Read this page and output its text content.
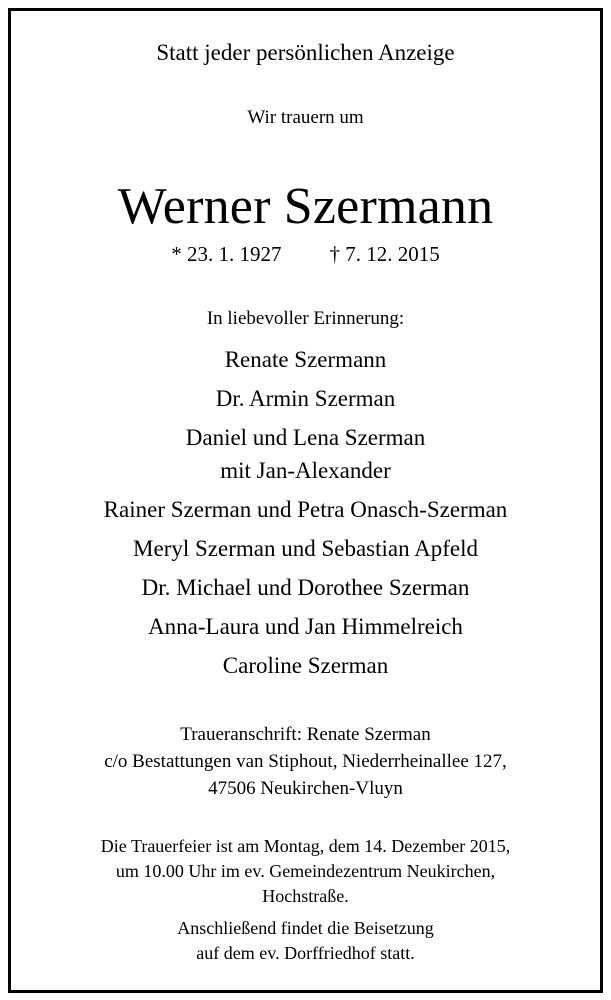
Statt jeder persönlichen Anzeige
Wir trauern um
Werner Szermann
* 23. 1. 1927 † 7. 12. 2015
In liebevoller Erinnerung:
Renate Szermann
Dr. Armin Szerman
Daniel und Lena Szerman
mit Jan-Alexander
Rainer Szerman und Petra Onasch-Szerman
Meryl Szerman und Sebastian Apfeld
Dr. Michael und Dorothee Szerman
Anna-Laura und Jan Himmelreich
Caroline Szerman
Traueranschrift: Renate Szerman
c/o Bestattungen van Stiphout, Niederrheinallee 127,
47506 Neukirchen-Vluyn
Die Trauerfeier ist am Montag, dem 14. Dezember 2015,
um 10.00 Uhr im ev. Gemeindezentrum Neukirchen,
Hochstraße.
Anschließend findet die Beisetzung
auf dem ev. Dorffriedhof statt.
